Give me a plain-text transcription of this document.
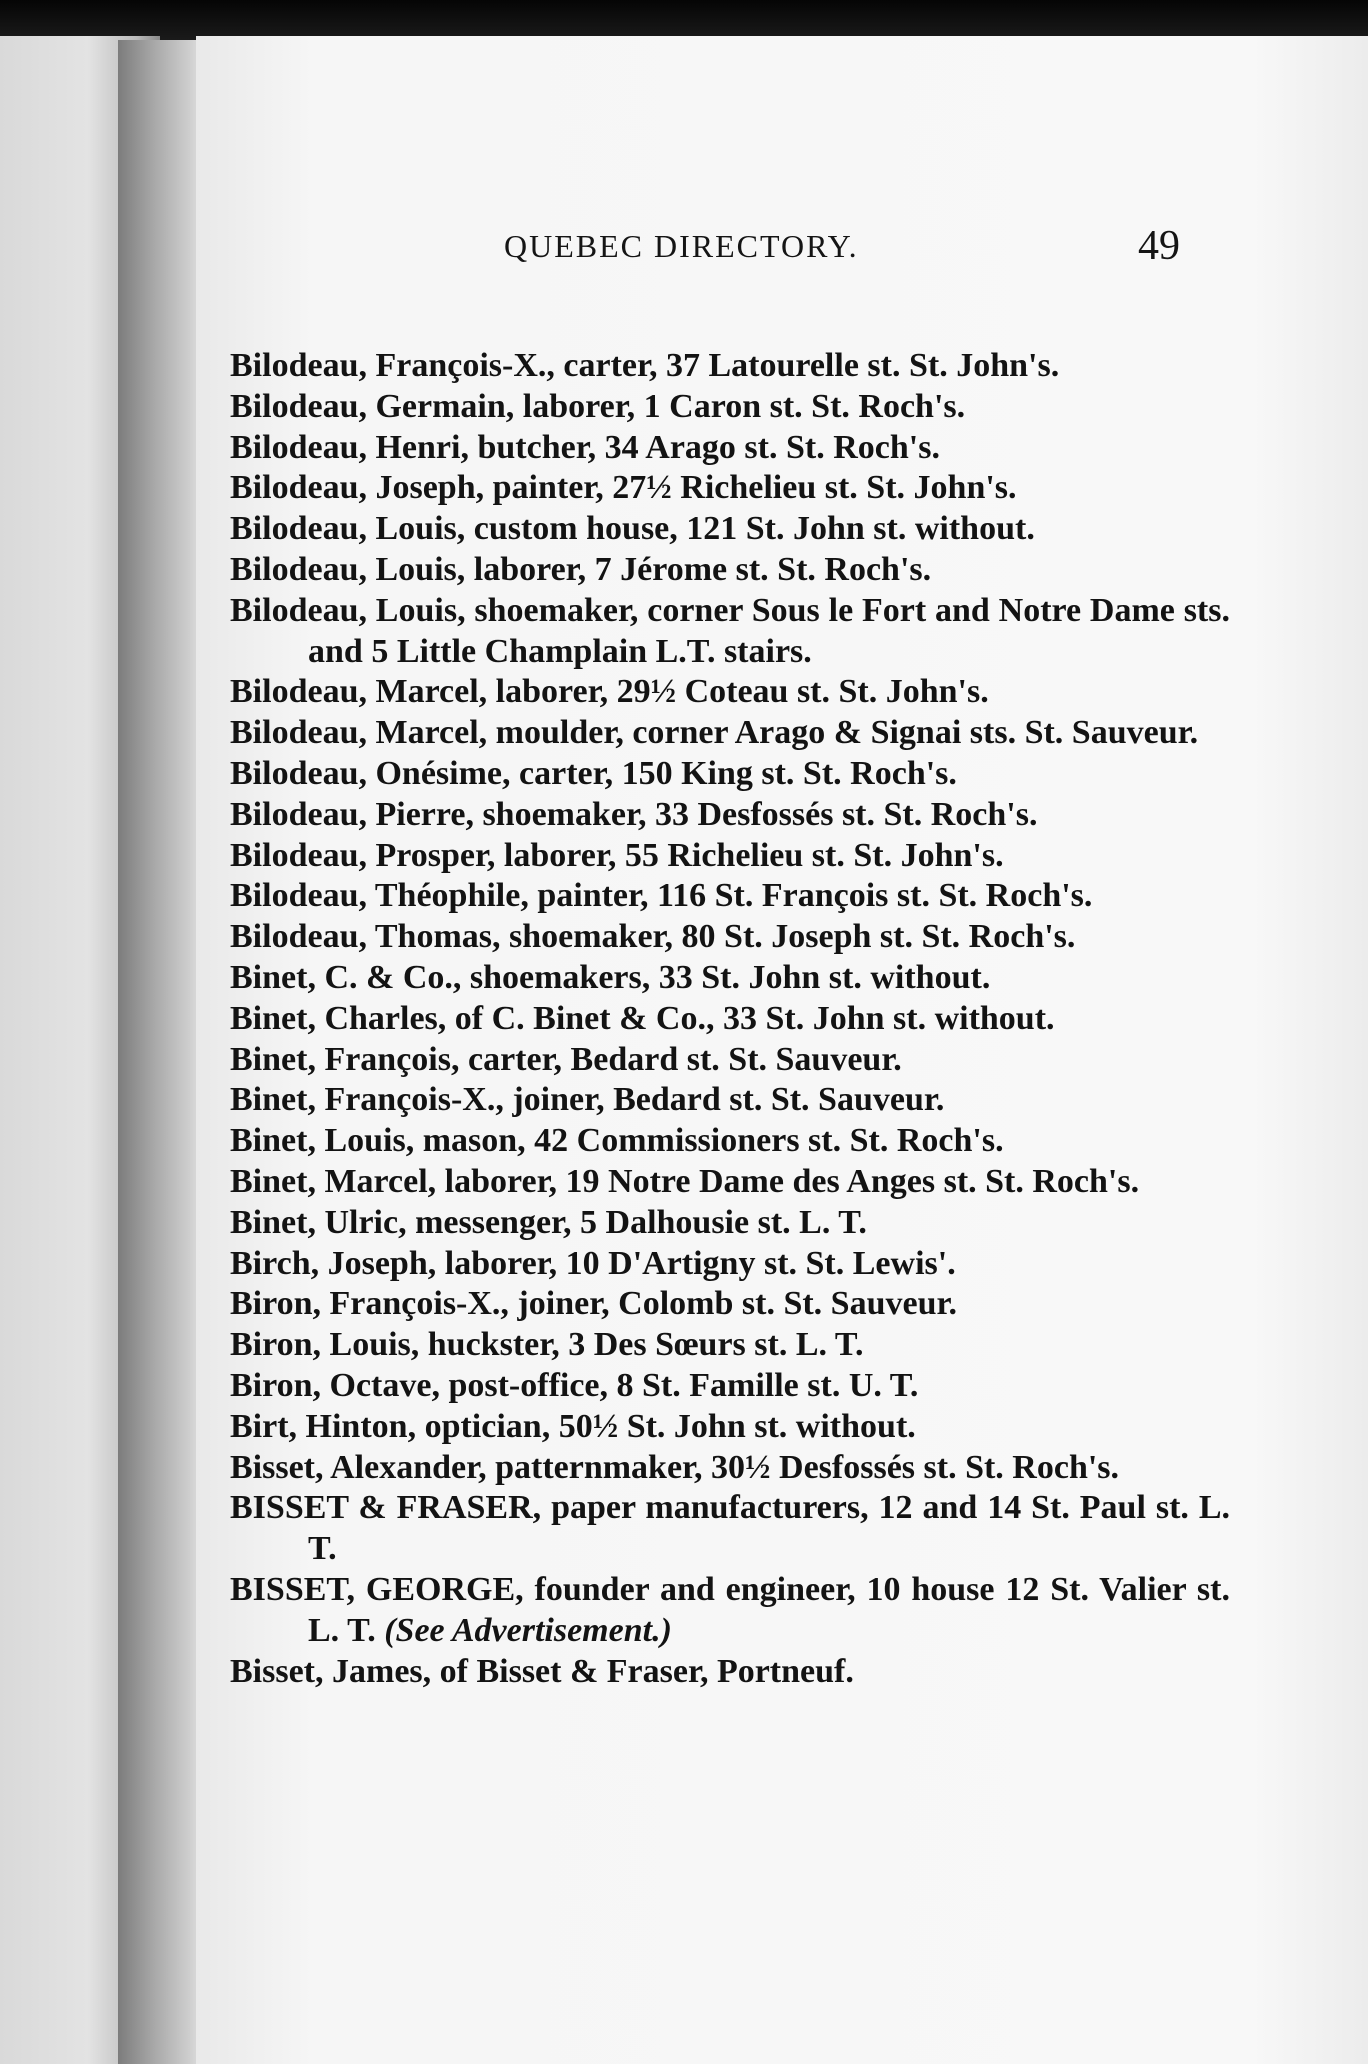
QUEBEC DIRECTORY.	49

Bilodeau, François-X., carter, 37 Latourelle st. St. John's.

Bilodeau, Germain, laborer, 1 Caron st. St. Roch's.

Bilodeau, Henri, butcher, 34 Arago st. St. Roch's.

Bilodeau, Joseph, painter, 27½ Richelieu st. St. John's.

Bilodeau, Louis, custom house, 121 St. John st. without.

Bilodeau, Louis, laborer, 7 Jérome st. St. Roch's.

Bilodeau, Louis, shoemaker, corner Sous le Fort and Notre Dame sts. and 5 Little Champlain L.T. stairs.

Bilodeau, Marcel, laborer, 29½ Coteau st. St. John's.

Bilodeau, Marcel, moulder, corner Arago & Signai sts. St. Sauveur.

Bilodeau, Onésime, carter, 150 King st. St. Roch's.

Bilodeau, Pierre, shoemaker, 33 Desfossés st. St. Roch's.

Bilodeau, Prosper, laborer, 55 Richelieu st. St. John's.

Bilodeau, Théophile, painter, 116 St. François st. St. Roch's.

Bilodeau, Thomas, shoemaker, 80 St. Joseph st. St. Roch's.

Binet, C. & Co., shoemakers, 33 St. John st. without.

Binet, Charles, of C. Binet & Co., 33 St. John st. without.

Binet, François, carter, Bedard st. St. Sauveur.

Binet, François-X., joiner, Bedard st. St. Sauveur.

Binet, Louis, mason, 42 Commissioners st. St. Roch's.

Binet, Marcel, laborer, 19 Notre Dame des Anges st. St. Roch's.

Binet, Ulric, messenger, 5 Dalhousie st. L. T.

Birch, Joseph, laborer, 10 D'Artigny st. St. Lewis'.

Biron, François-X., joiner, Colomb st. St. Sauveur.

Biron, Louis, huckster, 3 Des Sœurs st. L. T.

Biron, Octave, post-office, 8 St. Famille st. U. T.

Birt, Hinton, optician, 50½ St. John st. without.

Bisset, Alexander, patternmaker, 30½ Desfossés st. St. Roch's.

BISSET & FRASER, paper manufacturers, 12 and 14 St. Paul st. L. T.

BISSET, GEORGE, founder and engineer, 10 house 12 St. Valier st. L. T. (See Advertisement.)

Bisset, James, of Bisset & Fraser, Portneuf.
